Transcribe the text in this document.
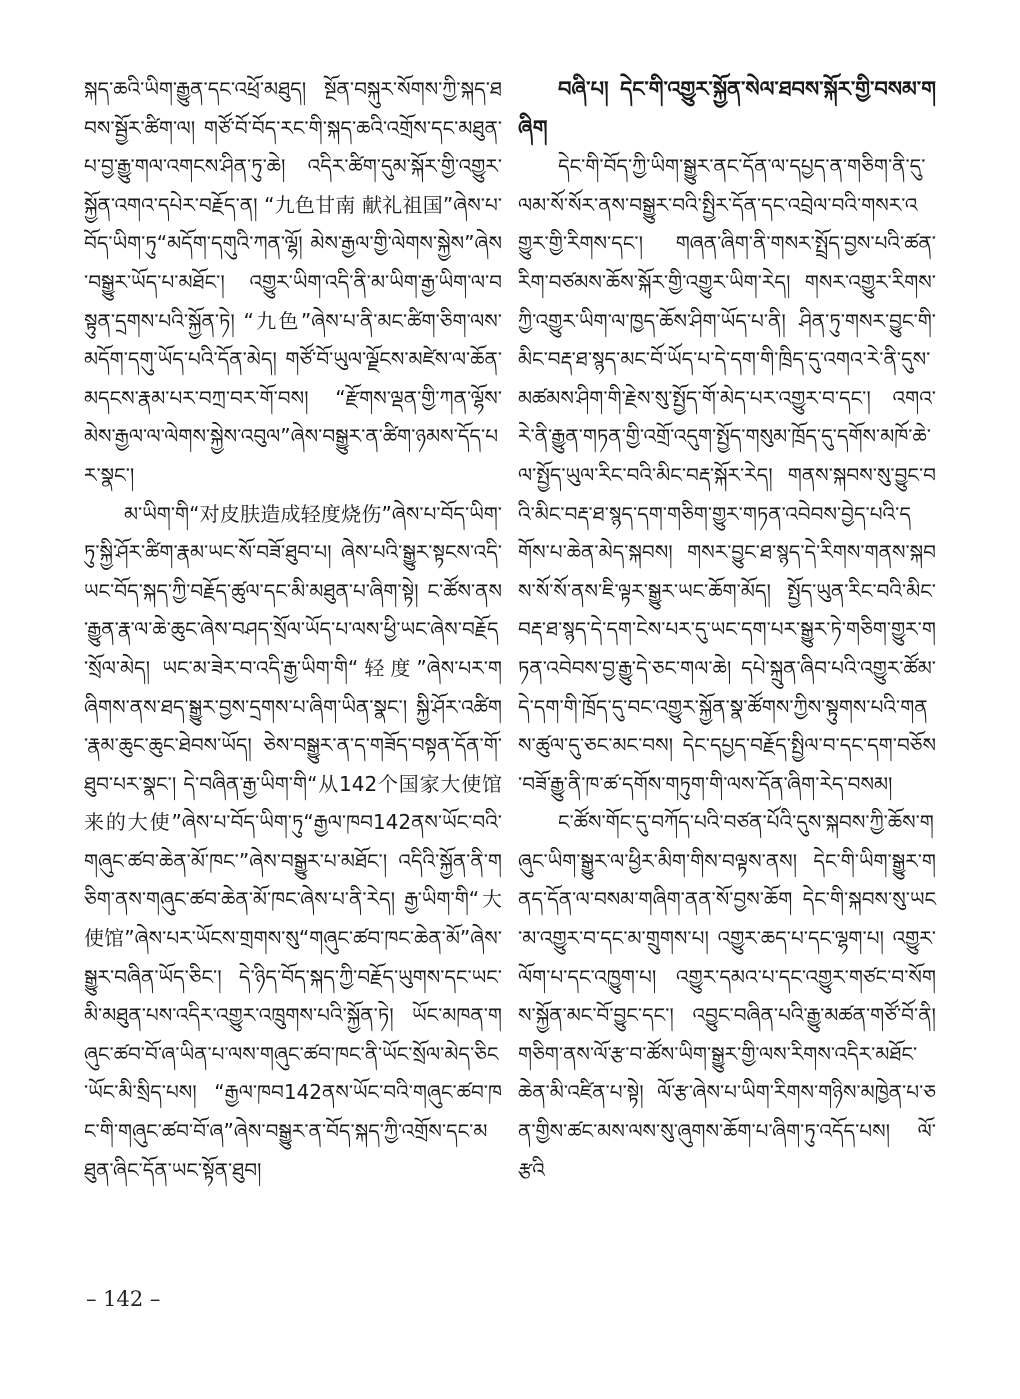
སྐད་ཆའི་ཡིག་རྒྱུན་དང་འཕྲོ་མཐུད། སྔོན་བསྐུར་སོགས་ཀྱི་སྐད་ཐབས་སྦྱོར་ཚིག་ལ། གཙོ་བོ་བོད་རང་གི་སྐད་ཆའི་འགྲོས་དང་མཐུན་པ་བྱ་རྒྱུ་གལ་འགངས་ཤིན་ཏུ་ཆེ། འདིར་ཚིག་དུམ་སྐོར་གྱི་འགྱུར་སྐྱོན་འགའ་དཔེར་བརྗོད་ན། “九色甘南 献礼祖国”ཞེས་པ་བོད་ཡིག་ཏུ“མདོག་དགུའི་ཀན་ལྷོ། མེས་རྒྱལ་གྱི་ལེགས་སྐྱེས”ཞེས་བསྒྱུར་ཡོད་པ་མཐོང་། འགྱུར་ཡིག་འདི་ནི་མ་ཡིག་རྒྱ་ཡིག་ལ་བསྟུན་དྲགས་པའི་སྐྱོན་ཏེ། “九色”ཞེས་པ་ནི་མང་ཚིག་ཅིག་ལས་མདོག་དགུ་ཡོད་པའི་དོན་མེད། གཙོ་བོ་ཡུལ་ལྗོངས་མཛེས་ལ་ཆོན་མདངས་རྣམ་པར་བཀྲ་བར་གོ་བས། “རྫོགས་ལྡན་གྱི་ཀན་ལྷོས་མེས་རྒྱལ་ལ་ལེགས་སྐྱེས་འབུལ”ཞེས་བསྒྱུར་ན་ཚིག་ཉམས་དོད་པར་སྣང་།

མ་ཡིག་གི“对皮肤造成轻度烧伤”ཞེས་པ་བོད་ཡིག་ཏུ་སྐྱི་ཤོར་ཚིག་རྣམ་ཡང་སོ་བཟོ་ཐུབ་པ། ཞེས་པའི་སྒྱུར་སྟངས་འདི་ཡང་བོད་སྐད་ཀྱི་བརྗོད་ཚུལ་དང་མི་མཐུན་པ་ཞིག་སྟེ། ང་ཚོས་ནས་རྒྱུན་རྣ་ལ་ཆེ་ཆུང་ཞེས་བཤད་སྲོལ་ཡོད་པ་ལས་ཕྱི་ཡང་ཞེས་བརྗོད་སྲོལ་མེད། ཡང་མ་ཟེར་བ་འདི་རྒྱ་ཡིག་གི“轻度”ཞེས་པར་གཞིགས་ནས་ཐད་སྒྱུར་བྱས་དྲགས་པ་ཞིག་ཡིན་སྣང་། སྐྱི་ཤོར་འཚིག་རྣམ་ཆུང་ཆུང་ཐེབས་ཡོད། ཅེས་བསྒྱུར་ན་ད་གཟོད་བསྟན་དོན་གོ་ཐུབ་པར་སྣང་། དེ་བཞིན་རྒྱ་ཡིག་གི“从142个国家大使馆来的大使”ཞེས་པ་བོད་ཡིག་ཏུ“རྒྱལ་ཁབ142ནས་ཡོང་བའི་གཞུང་ཚབ་ཆེན་མོ་ཁང་”ཞེས་བསྒྱུར་པ་མཐོང་། འདིའི་སྐྱོན་ནི་གཅིག་ནས་གཞུང་ཚབ་ཆེན་མོ་ཁང་ཞེས་པ་ནི་རེད། རྒྱ་ཡིག་གི“大使馆”ཞེས་པར་ཡོངས་གྲགས་སུ“གཞུང་ཚབ་ཁང་ཆེན་མོ”ཞེས་སྒྱུར་བཞིན་ཡོད་ཅིང་། དེ་ཉིད་བོད་སྐད་ཀྱི་བརྗོད་ཡུགས་དང་ཡང་མི་མཐུན་པས་འདིར་འགྱུར་འཁྲུགས་པའི་སྐྱོན་ཏེ། ཡོང་མཁན་གཞུང་ཚབ་བོ་ཞ་ཡིན་པ་ལས་གཞུང་ཚབ་ཁང་ནི་ཡོང་སྲོལ་མེད་ཅིང་ཡོང་མི་སྲིད་པས། “རྒྱལ་ཁབ142ནས་ཡོང་བའི་གཞུང་ཚབ་ཁང་གི་གཞུང་ཚབ་བོ་ཞ”ཞེས་བསྒྱུར་ན་བོད་སྐད་ཀྱི་འགྲོས་དང་མཐུན་ཞིང་དོན་ཡང་སྟོན་ཐུབ།

བཞི་པ། དེང་གི་འགྱུར་སྐྱོན་སེལ་ཐབས་སྐོར་གྱི་བསམ་གཞིག

དེང་གི་བོད་ཀྱི་ཡིག་སྒྱུར་ནང་དོན་ལ་དཔྱད་ན་གཅིག་ནི་དུ་ལམ་སོ་སོར་ནས་བསྒྱུར་བའི་སྤྱིར་དོན་དང་འབྲེལ་བའི་གསར་འགྱུར་གྱི་རིགས་དང་། གཞན་ཞིག་ནི་གསར་སྤྲོད་བྱས་པའི་ཚན་རིག་བཙམས་ཆོས་སྐོར་གྱི་འགྱུར་ཡིག་རེད། གསར་འགྱུར་རིགས་ཀྱི་འགྱུར་ཡིག་ལ་ཁྱད་ཆོས་ཤིག་ཡོད་པ་ནི། ཤིན་ཏུ་གསར་བྱུང་གི་མིང་བརྡ་ཐ་སྙད་མང་བོ་ཡོད་པ་དེ་དག་གི་ཁྲིད་དུ་འགའ་རེ་ནི་དུས་མཚམས་ཤིག་གི་རྗེས་སུ་སྤྱོད་གོ་མེད་པར་འགྱུར་བ་དང་། འགའ་རེ་ནི་རྒྱུན་གཏན་གྱི་འགྲོ་འདུག་སྤྱོད་གསུམ་ཁྲོད་དུ་དགོས་མཁོ་ཆེ་ལ་སྤྱོད་ཡུལ་རིང་བའི་མིང་བརྡ་སྐོར་རེད། གནས་སྐབས་སུ་བྱུང་བའི་མིང་བརྡ་ཐ་སྙད་དག་གཅིག་གྱུར་གཏན་འབེབས་བྱེད་པའི་དགོས་པ་ཆེན་མེད་སྐབས། གསར་བྱུང་ཐ་སྙད་དེ་རིགས་གནས་སྐབས་སོ་སོ་ནས་ཇི་ལྟར་སྒྱུར་ཡང་ཆོག་མོད། སྤྱོད་ཡུན་རིང་བའི་མིང་བརྡ་ཐ་སྙད་དེ་དག་ངེས་པར་དུ་ཡང་དག་པར་སྒྱུར་ཏེ་གཅིག་གྱུར་གཏན་འབེབས་བྱ་རྒྱུ་དེ་ཅང་གལ་ཆེ། དཔེ་སྐྲུན་ཞིབ་པའི་འགྱུར་ཚོམ་དེ་དག་གི་ཁྲོད་དུ་བང་འགྱུར་སྐྱོན་སྣ་ཚོགས་ཀྱིས་སྟུགས་པའི་གནས་ཚུལ་དུ་ཅང་མང་བས། དེང་དཔྱད་བརྗོད་སྤྱིལ་བ་དང་དག་བཅོས་བཟོ་རྒྱུ་ནི་ཁ་ཚ་དགོས་གཏུག་གི་ལས་དོན་ཞིག་རེད་བསམ།

ང་ཚོས་གོང་དུ་བཀོད་པའི་བཙན་པོའི་དུས་སྐབས་ཀྱི་ཆོས་གཞུང་ཡིག་སྒྱུར་ལ་ཕྱིར་མིག་གིས་བལྟས་ནས། དེང་གི་ཡིག་སྒྱུར་གནད་དོན་ལ་བསམ་གཞིག་ནན་སོ་བྱས་ཆོག དེང་གི་སྐབས་སུ་ཡང་མ་འགྱུར་བ་དང་མ་གྲུགས་པ། འགྱུར་ཆད་པ་དང་ལྷག་པ། འགྱུར་ལོག་པ་དང་འཁྱུག་པ། འགྱུར་དམའ་པ་དང་འགྱུར་གཙང་བ་སོགས་སྐྱོན་མང་བོ་བྱུང་དང་། འབྱུང་བཞིན་པའི་རྒྱུ་མཚན་གཙོ་བོ་ནི། གཅིག་ནས་ལོ་རྩ་བ་ཚོས་ཡིག་སྒྱུར་གྱི་ལས་རིགས་འདིར་མཐོང་ཆེན་མི་འཛིན་པ་སྟེ། ལོ་རྩ་ཞེས་པ་ཡིག་རིགས་གཉིས་མཁྱེན་པ་ཅན་གྱིས་ཚང་མས་ལས་སུ་ཞུགས་ཆོག་པ་ཞིག་ཏུ་འདོད་པས། ལོ་རྩའི

– 142 –
